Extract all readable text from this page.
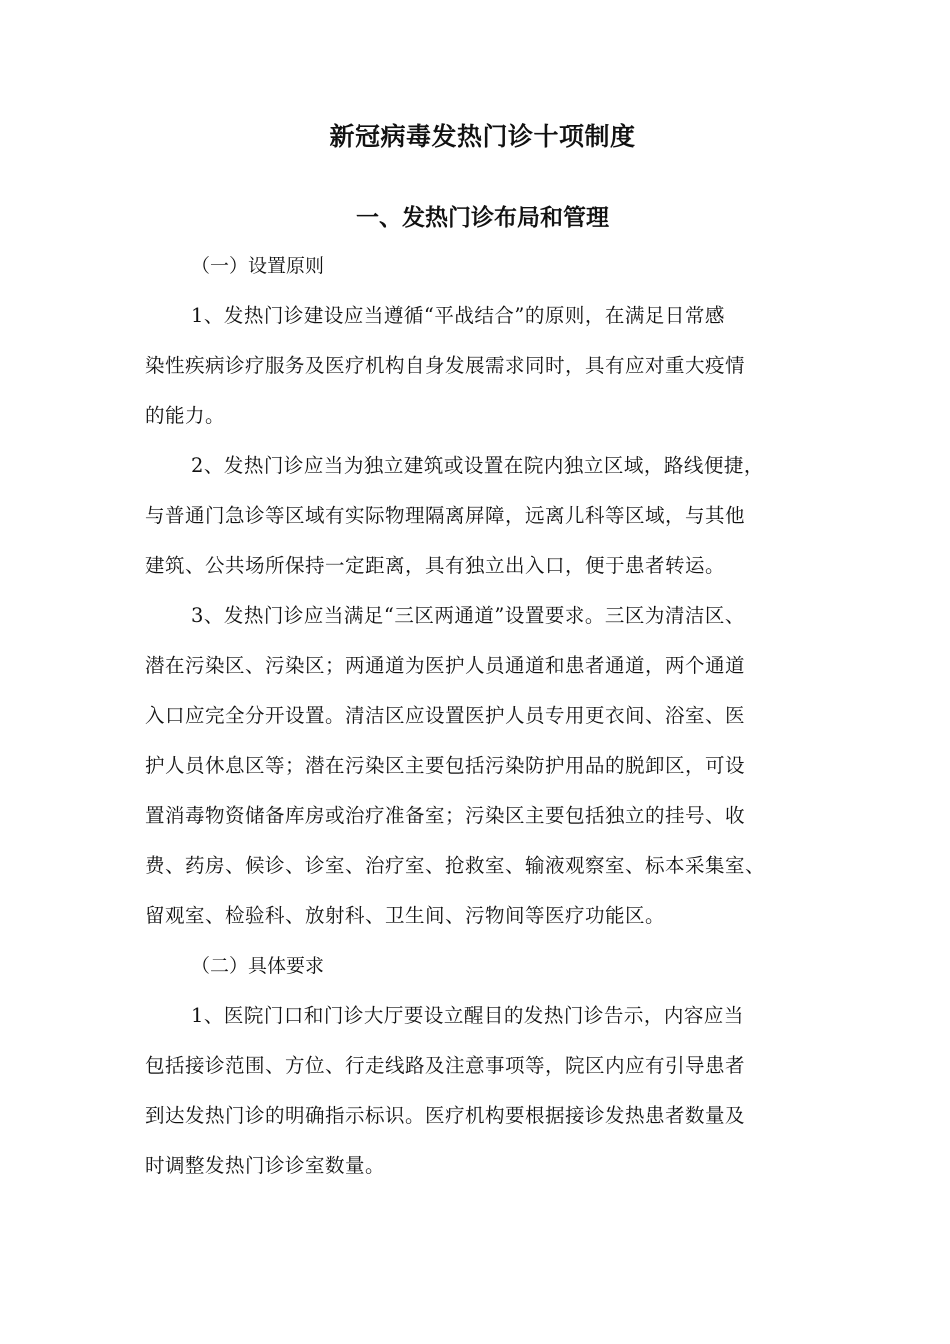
新冠病毒发热门诊十项制度
一、发热门诊布局和管理
（一）设置原则
1、发热门诊建设应当遵循“平战结合”的原则，在满足日常感
染性疾病诊疗服务及医疗机构自身发展需求同时，具有应对重大疫情
的能力。
2、发热门诊应当为独立建筑或设置在院内独立区域，路线便捷，
与普通门急诊等区域有实际物理隔离屏障，远离儿科等区域，与其他
建筑、公共场所保持一定距离，具有独立出入口，便于患者转运。
3、发热门诊应当满足“三区两通道”设置要求。三区为清洁区、
潜在污染区、污染区；两通道为医护人员通道和患者通道，两个通道
入口应完全分开设置。清洁区应设置医护人员专用更衣间、浴室、医
护人员休息区等；潜在污染区主要包括污染防护用品的脱卸区，可设
置消毒物资储备库房或治疗准备室；污染区主要包括独立的挂号、收
费、药房、候诊、诊室、治疗室、抢救室、输液观察室、标本采集室、
留观室、检验科、放射科、卫生间、污物间等医疗功能区。
（二）具体要求
1、医院门口和门诊大厅要设立醒目的发热门诊告示，内容应当
包括接诊范围、方位、行走线路及注意事项等，院区内应有引导患者
到达发热门诊的明确指示标识。医疗机构要根据接诊发热患者数量及
时调整发热门诊诊室数量。
